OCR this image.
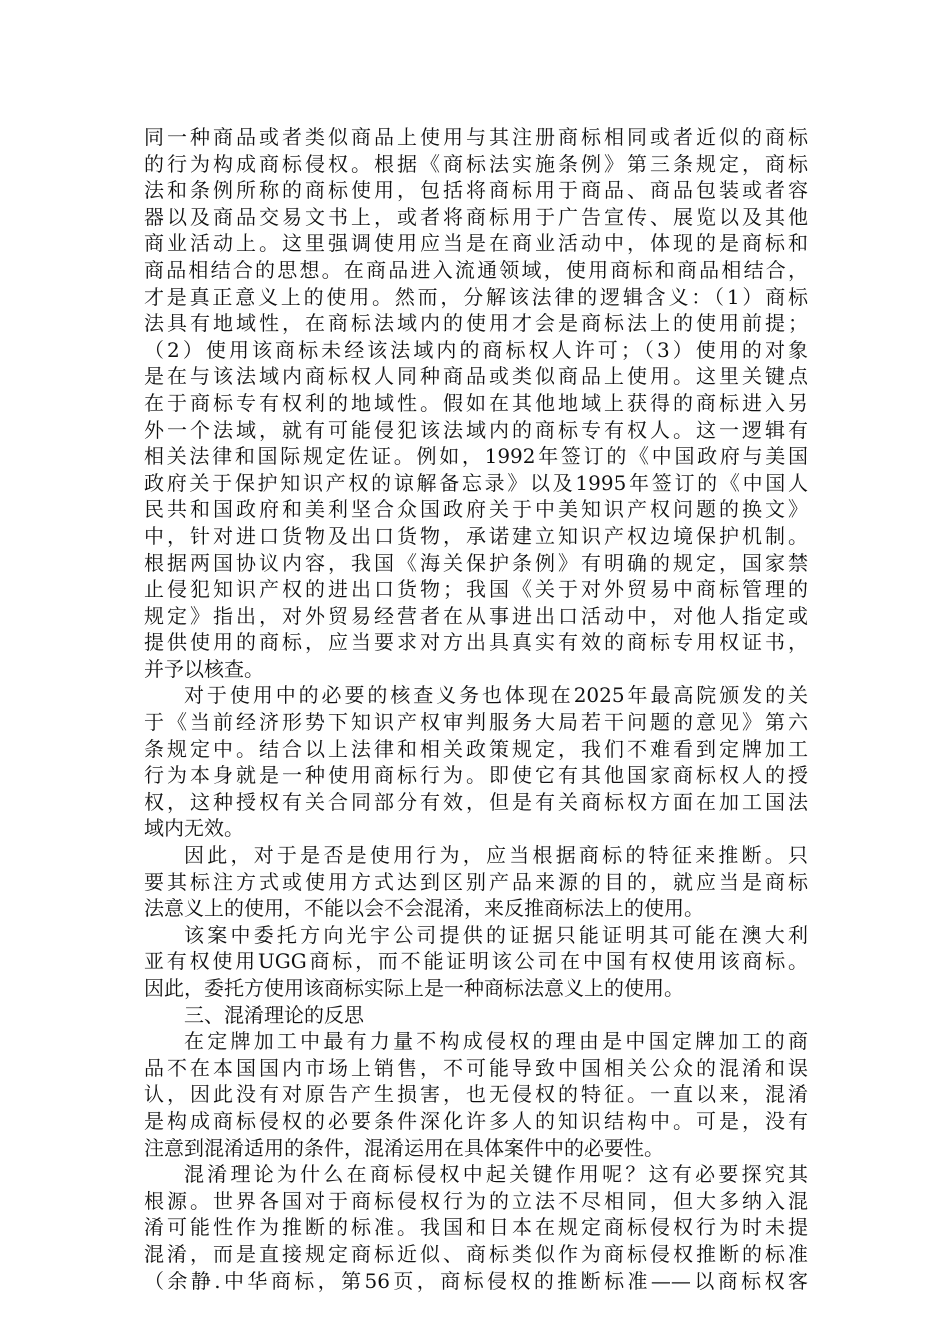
同一种商品或者类似商品上使用与其注册商标相同或者近似的商标
的行为构成商标侵权。根据《商标法实施条例》第三条规定，商标
法和条例所称的商标使用，包括将商标用于商品、商品包装或者容
器以及商品交易文书上，或者将商标用于广告宣传、展览以及其他
商业活动上。这里强调使用应当是在商业活动中，体现的是商标和
商品相结合的思想。在商品进入流通领域，使用商标和商品相结合，
才是真正意义上的使用。然而，分解该法律的逻辑含义：（1）商标
法具有地域性，在商标法域内的使用才会是商标法上的使用前提；
（2）使用该商标未经该法域内的商标权人许可；（3）使用的对象
是在与该法域内商标权人同种商品或类似商品上使用。这里关键点
在于商标专有权利的地域性。假如在其他地域上获得的商标进入另
外一个法域，就有可能侵犯该法域内的商标专有权人。这一逻辑有
相关法律和国际规定佐证。例如，1992年签订的《中国政府与美国
政府关于保护知识产权的谅解备忘录》以及1995年签订的《中国人
民共和国政府和美利坚合众国政府关于中美知识产权问题的换文》
中，针对进口货物及出口货物，承诺建立知识产权边境保护机制。
根据两国协议内容，我国《海关保护条例》有明确的规定，国家禁
止侵犯知识产权的进出口货物；我国《关于对外贸易中商标管理的
规定》指出，对外贸易经营者在从事进出口活动中，对他人指定或
提供使用的商标，应当要求对方出具真实有效的商标专用权证书，
并予以核查。
对于使用中的必要的核查义务也体现在2025年最高院颁发的关
于《当前经济形势下知识产权审判服务大局若干问题的意见》第六
条规定中。结合以上法律和相关政策规定，我们不难看到定牌加工
行为本身就是一种使用商标行为。即使它有其他国家商标权人的授
权，这种授权有关合同部分有效，但是有关商标权方面在加工国法
域内无效。
因此，对于是否是使用行为，应当根据商标的特征来推断。只
要其标注方式或使用方式达到区别产品来源的目的，就应当是商标
法意义上的使用，不能以会不会混淆，来反推商标法上的使用。
该案中委托方向光宇公司提供的证据只能证明其可能在澳大利
亚有权使用UGG商标，而不能证明该公司在中国有权使用该商标。
因此，委托方使用该商标实际上是一种商标法意义上的使用。
三、混淆理论的反思
在定牌加工中最有力量不构成侵权的理由是中国定牌加工的商
品不在本国国内市场上销售，不可能导致中国相关公众的混淆和误
认，因此没有对原告产生损害，也无侵权的特征。一直以来，混淆
是构成商标侵权的必要条件深化许多人的知识结构中。可是，没有
注意到混淆适用的条件，混淆运用在具体案件中的必要性。
混淆理论为什么在商标侵权中起关键作用呢？这有必要探究其
根源。世界各国对于商标侵权行为的立法不尽相同，但大多纳入混
淆可能性作为推断的标准。我国和日本在规定商标侵权行为时未提
混淆，而是直接规定商标近似、商标类似作为商标侵权推断的标准
（余静.中华商标，第56页，商标侵权的推断标准——以商标权客
